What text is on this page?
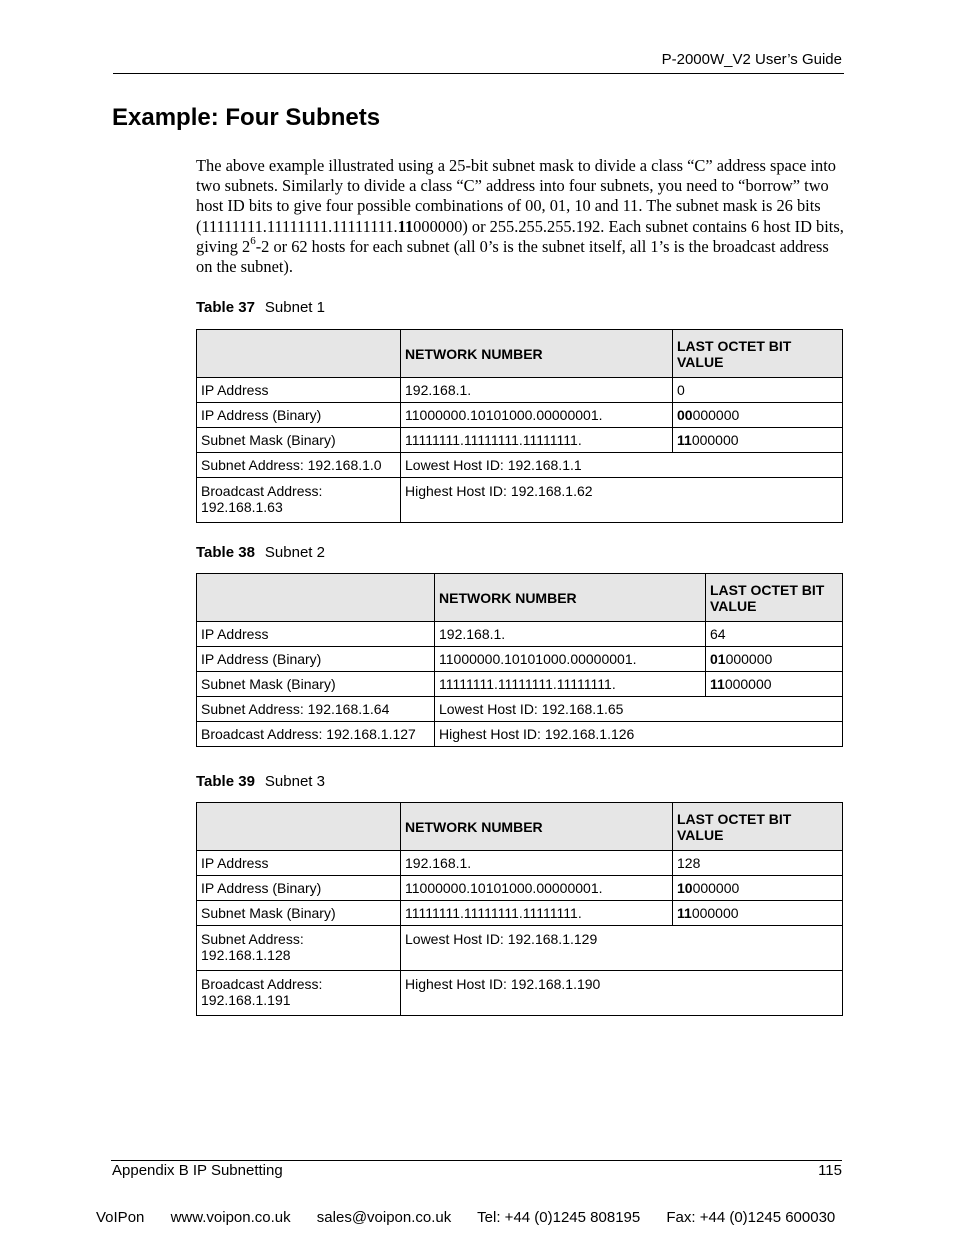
P-2000W_V2 User’s Guide
Example: Four Subnets

The above example illustrated using a 25-bit subnet mask to divide a class “C” address space into two subnets. Similarly to divide a class “C” address into four subnets, you need to “borrow” two host ID bits to give four possible combinations of 00, 01, 10 and 11. The subnet mask is 26 bits (11111111.11111111.11111111.11000000) or 255.255.255.192. Each subnet contains 6 host ID bits, giving $2^6-2$ or 62 hosts for each subnet (all 0’s is the subnet itself, all 1’s is the broadcast address on the subnet).

Table 37 Subnet 1
	NETWORK NUMBER	LAST OCTET BIT VALUE
IP Address	192.168.1.	0
IP Address (Binary)	11000000.10101000.00000001.	00000000
Subnet Mask (Binary)	11111111.11111111.11111111.	11000000
Subnet Address: 192.168.1.0	Lowest Host ID: 192.168.1.1	
Broadcast Address: 192.168.1.63	Highest Host ID: 192.168.1.62	
Table 38 Subnet 2
	NETWORK NUMBER	LAST OCTET BIT VALUE
IP Address	192.168.1.	64
IP Address (Binary)	11000000.10101000.00000001.	01000000
Subnet Mask (Binary)	11111111.11111111.11111111.	11000000
Subnet Address: 192.168.1.64	Lowest Host ID: 192.168.1.65	
Broadcast Address: 192.168.1.127	Highest Host ID: 192.168.1.126	
Table 39 Subnet 3
	NETWORK NUMBER	LAST OCTET BIT VALUE
IP Address	192.168.1.	128
IP Address (Binary)	11000000.10101000.00000001.	10000000
Subnet Mask (Binary)	11111111.11111111.11111111.	11000000
Subnet Address: 192.168.1.128	Lowest Host ID: 192.168.1.129	
Broadcast Address: 192.168.1.191	Highest Host ID: 192.168.1.190	
Appendix B IP Subnetting	115
VoIPon www.voipon.co.uk sales@voipon.co.uk Tel: +44 (0)1245 808195 Fax: +44 (0)1245 600030
